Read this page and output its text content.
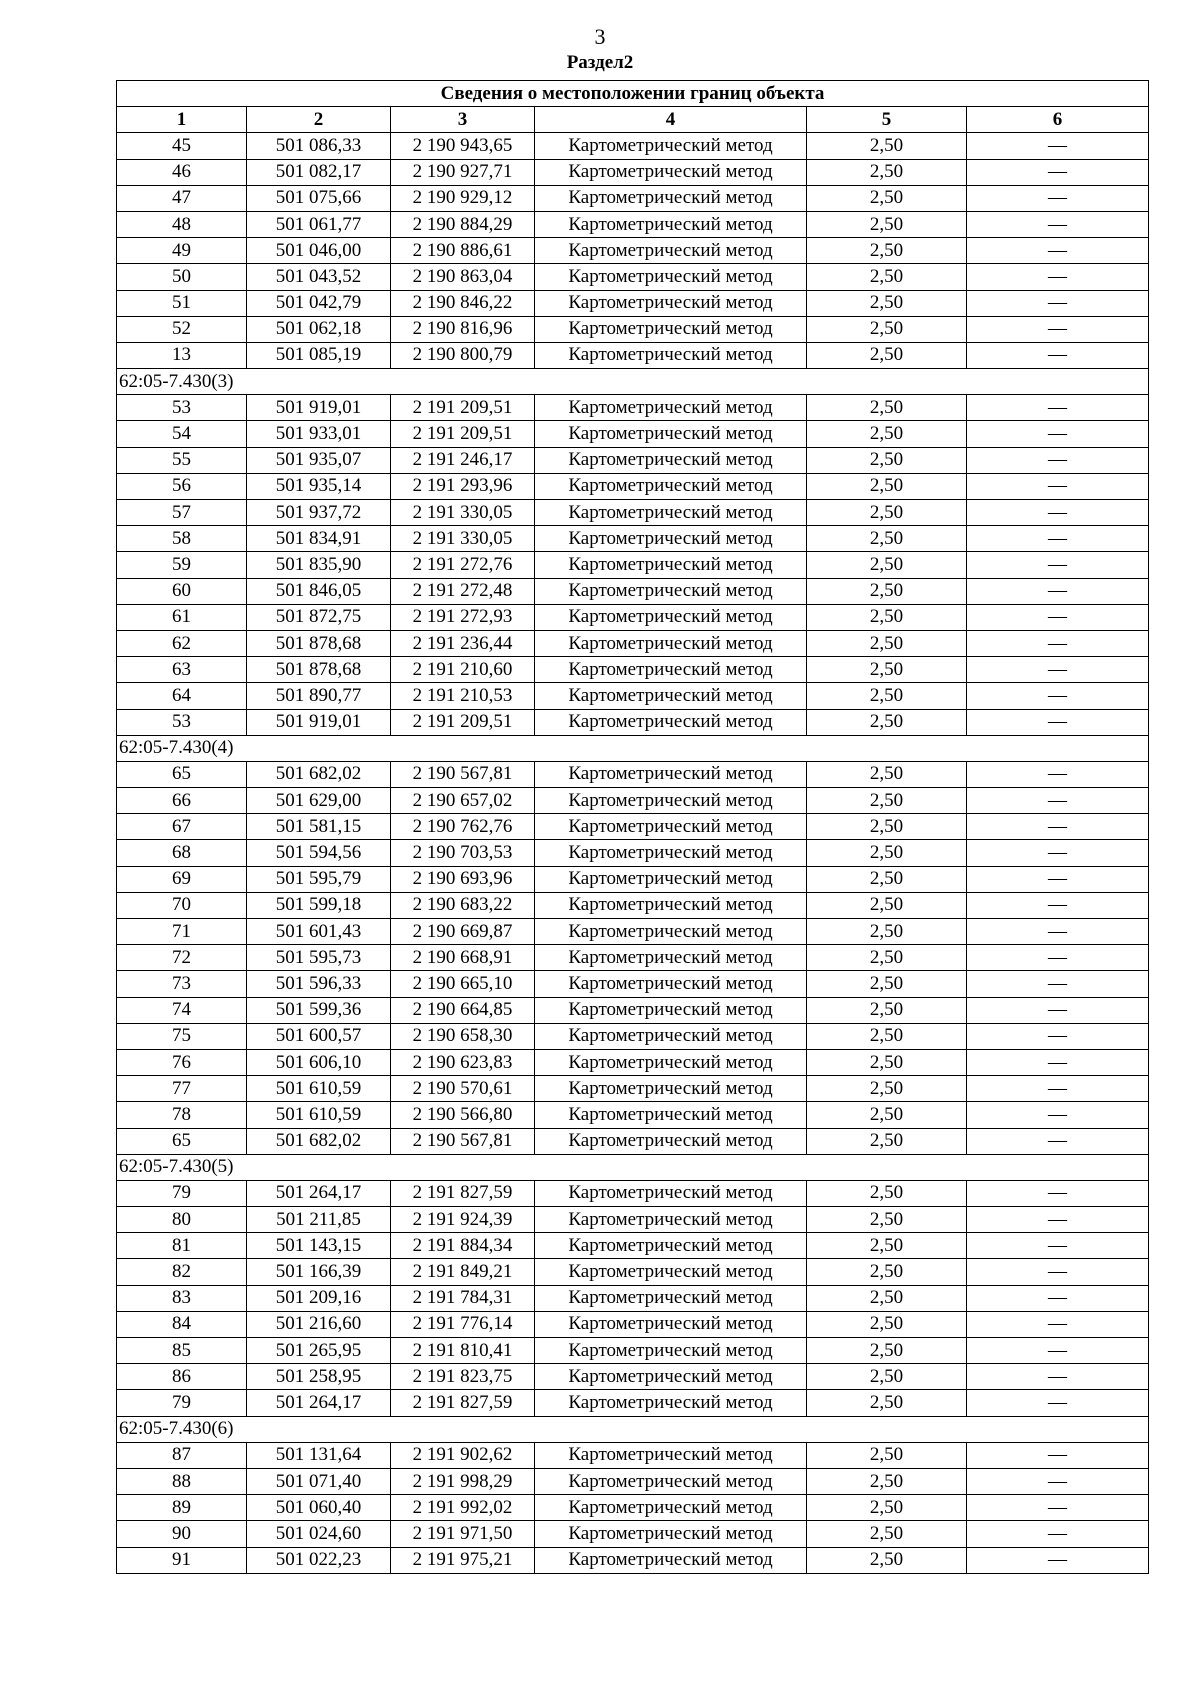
3
Раздел2
Сведения о местоположении границ объекта					
1	2	3	4	5	6
45	501 086,33	2 190 943,65	Картометрический метод	2,50	—
46	501 082,17	2 190 927,71	Картометрический метод	2,50	—
47	501 075,66	2 190 929,12	Картометрический метод	2,50	—
48	501 061,77	2 190 884,29	Картометрический метод	2,50	—
49	501 046,00	2 190 886,61	Картометрический метод	2,50	—
50	501 043,52	2 190 863,04	Картометрический метод	2,50	—
51	501 042,79	2 190 846,22	Картометрический метод	2,50	—
52	501 062,18	2 190 816,96	Картометрический метод	2,50	—
13	501 085,19	2 190 800,79	Картометрический метод	2,50	—
62:05-7.430(3)					
53	501 919,01	2 191 209,51	Картометрический метод	2,50	—
54	501 933,01	2 191 209,51	Картометрический метод	2,50	—
55	501 935,07	2 191 246,17	Картометрический метод	2,50	—
56	501 935,14	2 191 293,96	Картометрический метод	2,50	—
57	501 937,72	2 191 330,05	Картометрический метод	2,50	—
58	501 834,91	2 191 330,05	Картометрический метод	2,50	—
59	501 835,90	2 191 272,76	Картометрический метод	2,50	—
60	501 846,05	2 191 272,48	Картометрический метод	2,50	—
61	501 872,75	2 191 272,93	Картометрический метод	2,50	—
62	501 878,68	2 191 236,44	Картометрический метод	2,50	—
63	501 878,68	2 191 210,60	Картометрический метод	2,50	—
64	501 890,77	2 191 210,53	Картометрический метод	2,50	—
53	501 919,01	2 191 209,51	Картометрический метод	2,50	—
62:05-7.430(4)					
65	501 682,02	2 190 567,81	Картометрический метод	2,50	—
66	501 629,00	2 190 657,02	Картометрический метод	2,50	—
67	501 581,15	2 190 762,76	Картометрический метод	2,50	—
68	501 594,56	2 190 703,53	Картометрический метод	2,50	—
69	501 595,79	2 190 693,96	Картометрический метод	2,50	—
70	501 599,18	2 190 683,22	Картометрический метод	2,50	—
71	501 601,43	2 190 669,87	Картометрический метод	2,50	—
72	501 595,73	2 190 668,91	Картометрический метод	2,50	—
73	501 596,33	2 190 665,10	Картометрический метод	2,50	—
74	501 599,36	2 190 664,85	Картометрический метод	2,50	—
75	501 600,57	2 190 658,30	Картометрический метод	2,50	—
76	501 606,10	2 190 623,83	Картометрический метод	2,50	—
77	501 610,59	2 190 570,61	Картометрический метод	2,50	—
78	501 610,59	2 190 566,80	Картометрический метод	2,50	—
65	501 682,02	2 190 567,81	Картометрический метод	2,50	—
62:05-7.430(5)					
79	501 264,17	2 191 827,59	Картометрический метод	2,50	—
80	501 211,85	2 191 924,39	Картометрический метод	2,50	—
81	501 143,15	2 191 884,34	Картометрический метод	2,50	—
82	501 166,39	2 191 849,21	Картометрический метод	2,50	—
83	501 209,16	2 191 784,31	Картометрический метод	2,50	—
84	501 216,60	2 191 776,14	Картометрический метод	2,50	—
85	501 265,95	2 191 810,41	Картометрический метод	2,50	—
86	501 258,95	2 191 823,75	Картометрический метод	2,50	—
79	501 264,17	2 191 827,59	Картометрический метод	2,50	—
62:05-7.430(6)					
87	501 131,64	2 191 902,62	Картометрический метод	2,50	—
88	501 071,40	2 191 998,29	Картометрический метод	2,50	—
89	501 060,40	2 191 992,02	Картометрический метод	2,50	—
90	501 024,60	2 191 971,50	Картометрический метод	2,50	—
91	501 022,23	2 191 975,21	Картометрический метод	2,50	—
